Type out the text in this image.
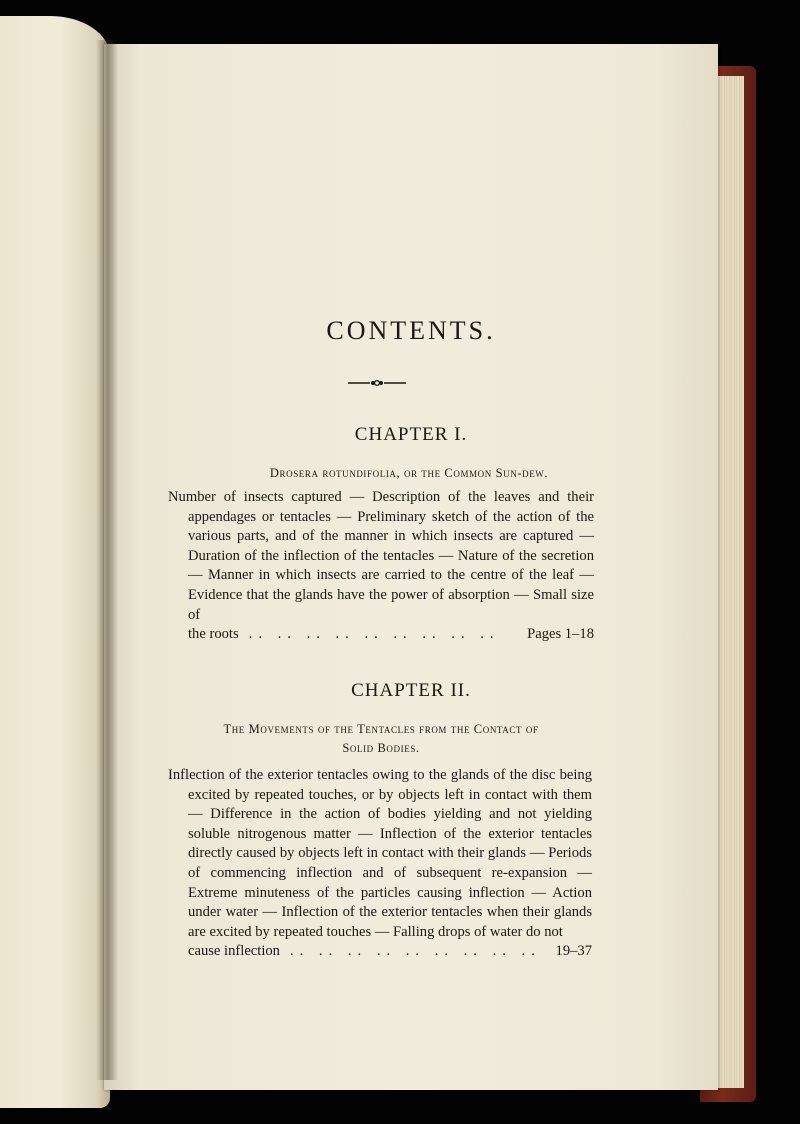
CONTENTS.
CHAPTER I.
Drosera rotundifolia, or the Common Sun-dew.

Number of insects captured — Description of the leaves and their appendages or tentacles — Preliminary sketch of the action of the various parts, and of the manner in which insects are captured — Duration of the inflection of the tentacles — Nature of the secretion — Manner in which insects are carried to the centre of the leaf — Evidence that the glands have the power of absorption — Small size of

the roots .. .. .. .. .. .. .. .. ..	Pages 1–18
CHAPTER II.
The Movements of the Tentacles from the Contact of
Solid Bodies.

Inflection of the exterior tentacles owing to the glands of the disc being excited by repeated touches, or by objects left in contact with them — Difference in the action of bodies yielding and not yielding soluble nitrogenous matter — Inflection of the exterior tentacles directly caused by objects left in contact with their glands — Periods of commencing inflection and of subsequent re-expansion — Extreme minuteness of the particles causing inflection — Action under water — Inflection of the exterior tentacles when their glands are excited by repeated touches — Falling drops of water do not

cause inflection .. .. .. .. .. .. .. .. ..	19–37
